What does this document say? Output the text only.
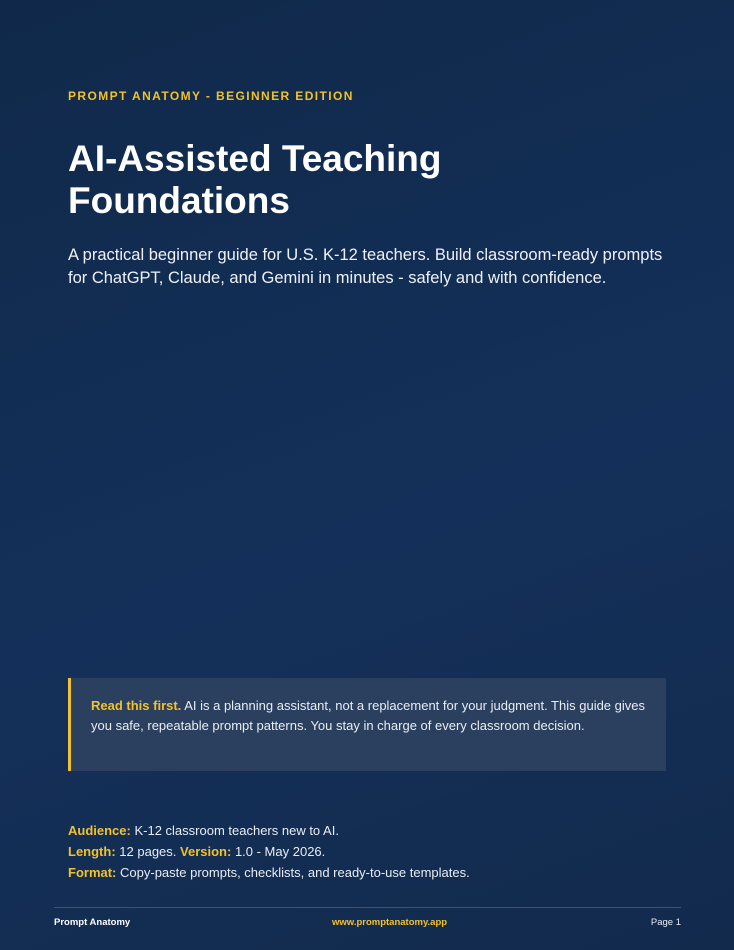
PROMPT ANATOMY - BEGINNER EDITION
AI-Assisted Teaching Foundations

A practical beginner guide for U.S. K-12 teachers. Build classroom-ready prompts for ChatGPT, Claude, and Gemini in minutes - safely and with confidence.

Read this first. AI is a planning assistant, not a replacement for your judgment. This guide gives you safe, repeatable prompt patterns. You stay in charge of every classroom decision.
Audience: K-12 classroom teachers new to AI.
Length: 12 pages. Version: 1.0 - May 2026.
Format: Copy-paste prompts, checklists, and ready-to-use templates.
Prompt Anatomy	www.promptanatomy.app	Page 1
